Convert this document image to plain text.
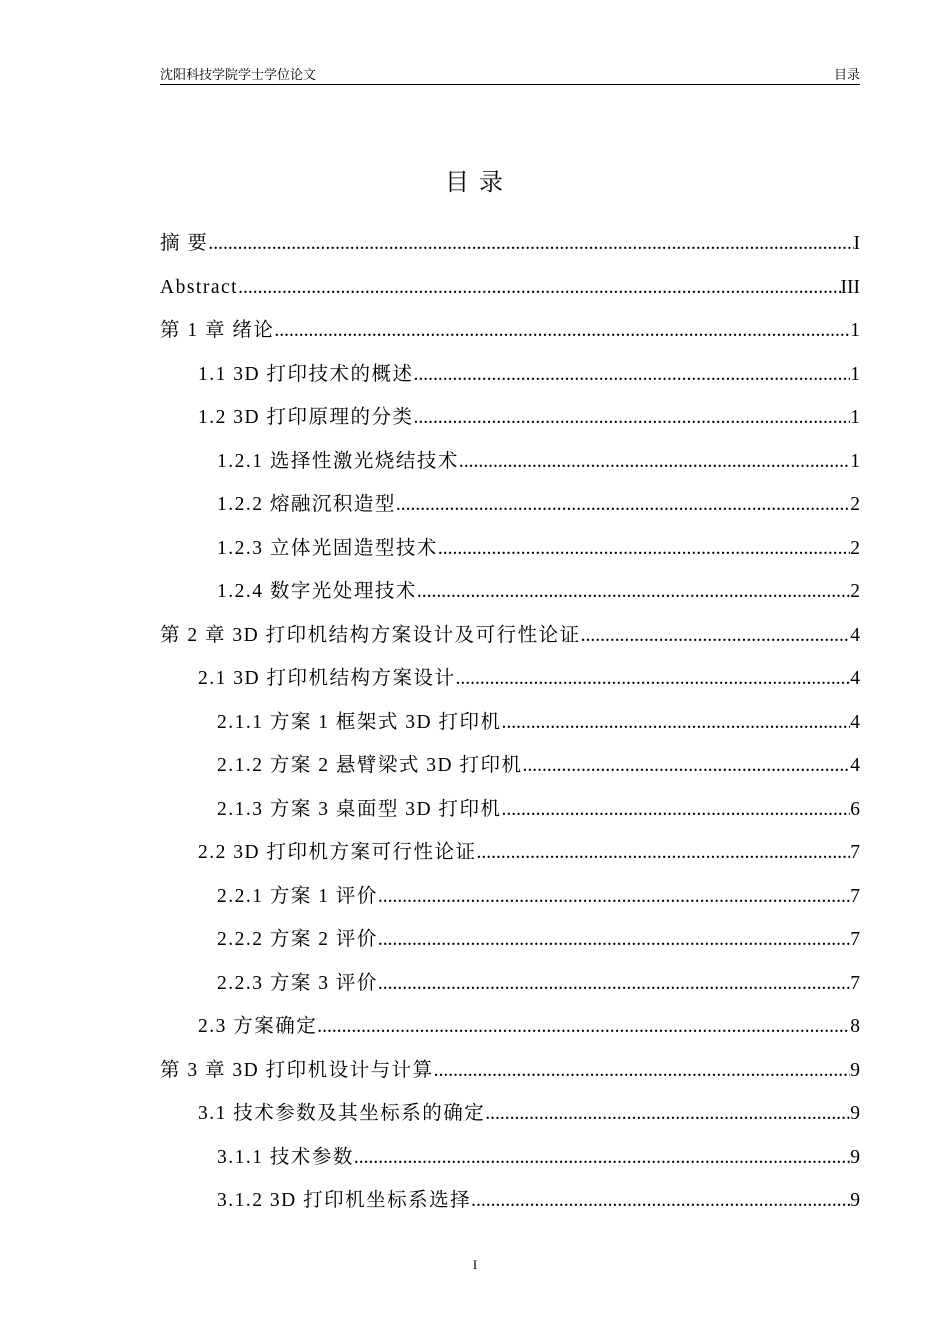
沈阳科技学院学士学位论文	目录
目 录
摘 要 .....	I
Abstract .....	III
第 1 章 绪论 .....	1
1.1 3D 打印技术的概述 .....	1
1.2 3D 打印原理的分类 .....	1
1.2.1 选择性激光烧结技术 .....	1
1.2.2 熔融沉积造型 .....	2
1.2.3 立体光固造型技术 .....	2
1.2.4 数字光处理技术 .....	2
第 2 章 3D 打印机结构方案设计及可行性论证 .....	4
2.1 3D 打印机结构方案设计 .....	4
2.1.1 方案 1 框架式 3D 打印机 .....	4
2.1.2 方案 2 悬臂梁式 3D 打印机 .....	4
2.1.3 方案 3 桌面型 3D 打印机 .....	6
2.2 3D 打印机方案可行性论证 .....	7
2.2.1 方案 1 评价 .....	7
2.2.2 方案 2 评价 .....	7
2.2.3 方案 3 评价 .....	7
2.3 方案确定 .....	8
第 3 章 3D 打印机设计与计算 .....	9
3.1 技术参数及其坐标系的确定 .....	9
3.1.1 技术参数 .....	9
3.1.2 3D 打印机坐标系选择 .....	9
I
